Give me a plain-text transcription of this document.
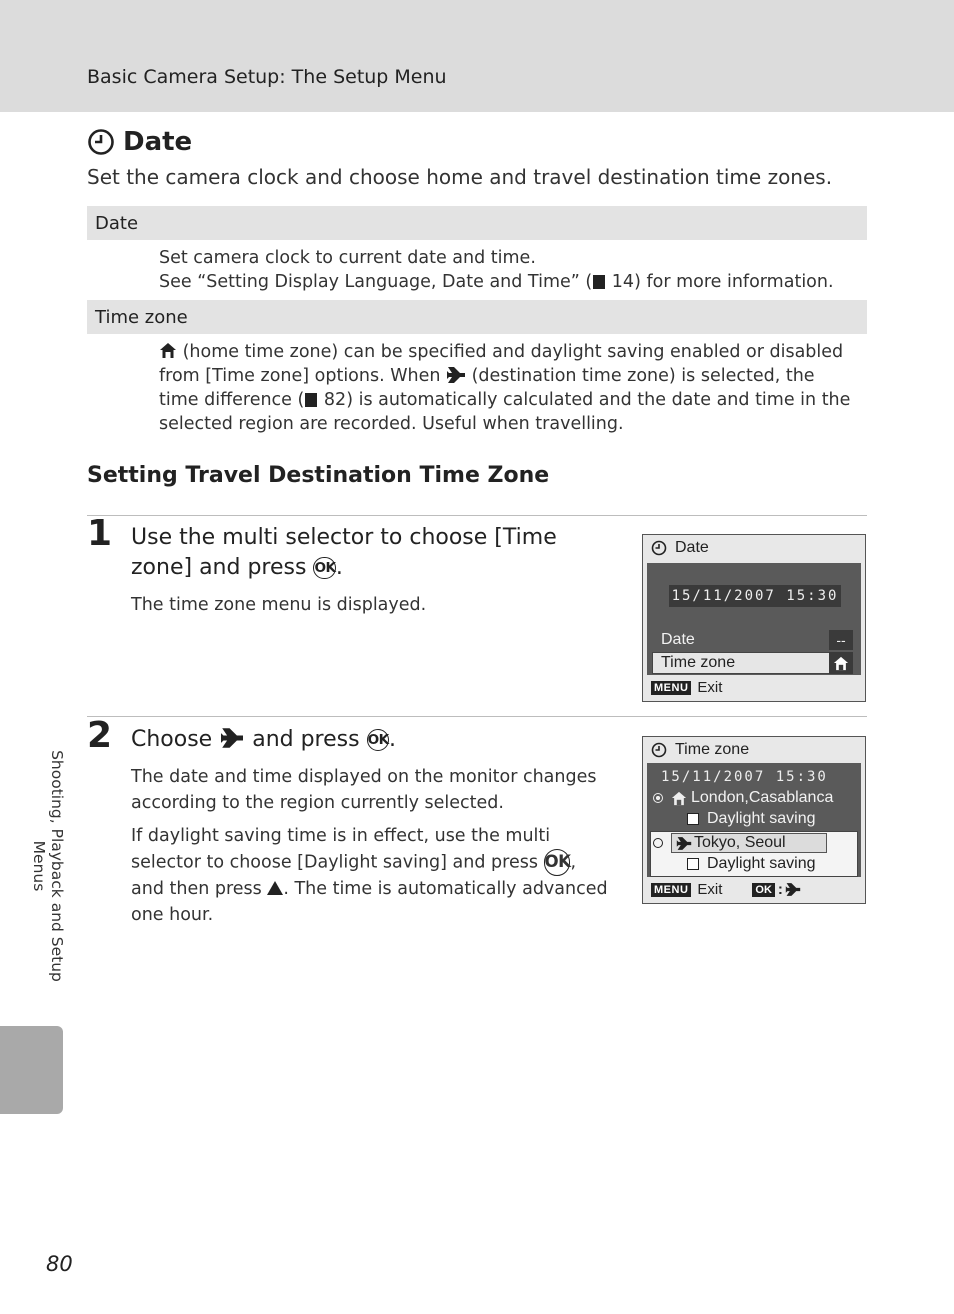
Basic Camera Setup: The Setup Menu
Date
Set the camera clock and choose home and travel destination time zones.
Date
Set camera clock to current date and time.
See “Setting Display Language, Date and Time” ( 14) for more information.
Time zone
(home time zone) can be specified and daylight saving enabled or disabled from [Time zone] options. When  (destination time zone) is selected, the time difference ( 82) is automatically calculated and the date and time in the selected region are recorded. Useful when travelling.
Setting Travel Destination Time Zone
1 Use the multi selector to choose [Time zone] and press OK.
The time zone menu is displayed.
Date
15/11/2007 15:30
Date	--
Time zone
MENU Exit
2 Choose  and press OK.
The date and time displayed on the monitor changes according to the region currently selected.
If daylight saving time is in effect, use the multi selector to choose [Daylight saving] and press OK, and then press . The time is automatically advanced one hour.
Time zone
15/11/2007 15:30
London,Casablanca
Daylight saving
Tokyo, Seoul
Daylight saving
MENU Exit	OK :
Shooting, Playback and Setup Menus
80
